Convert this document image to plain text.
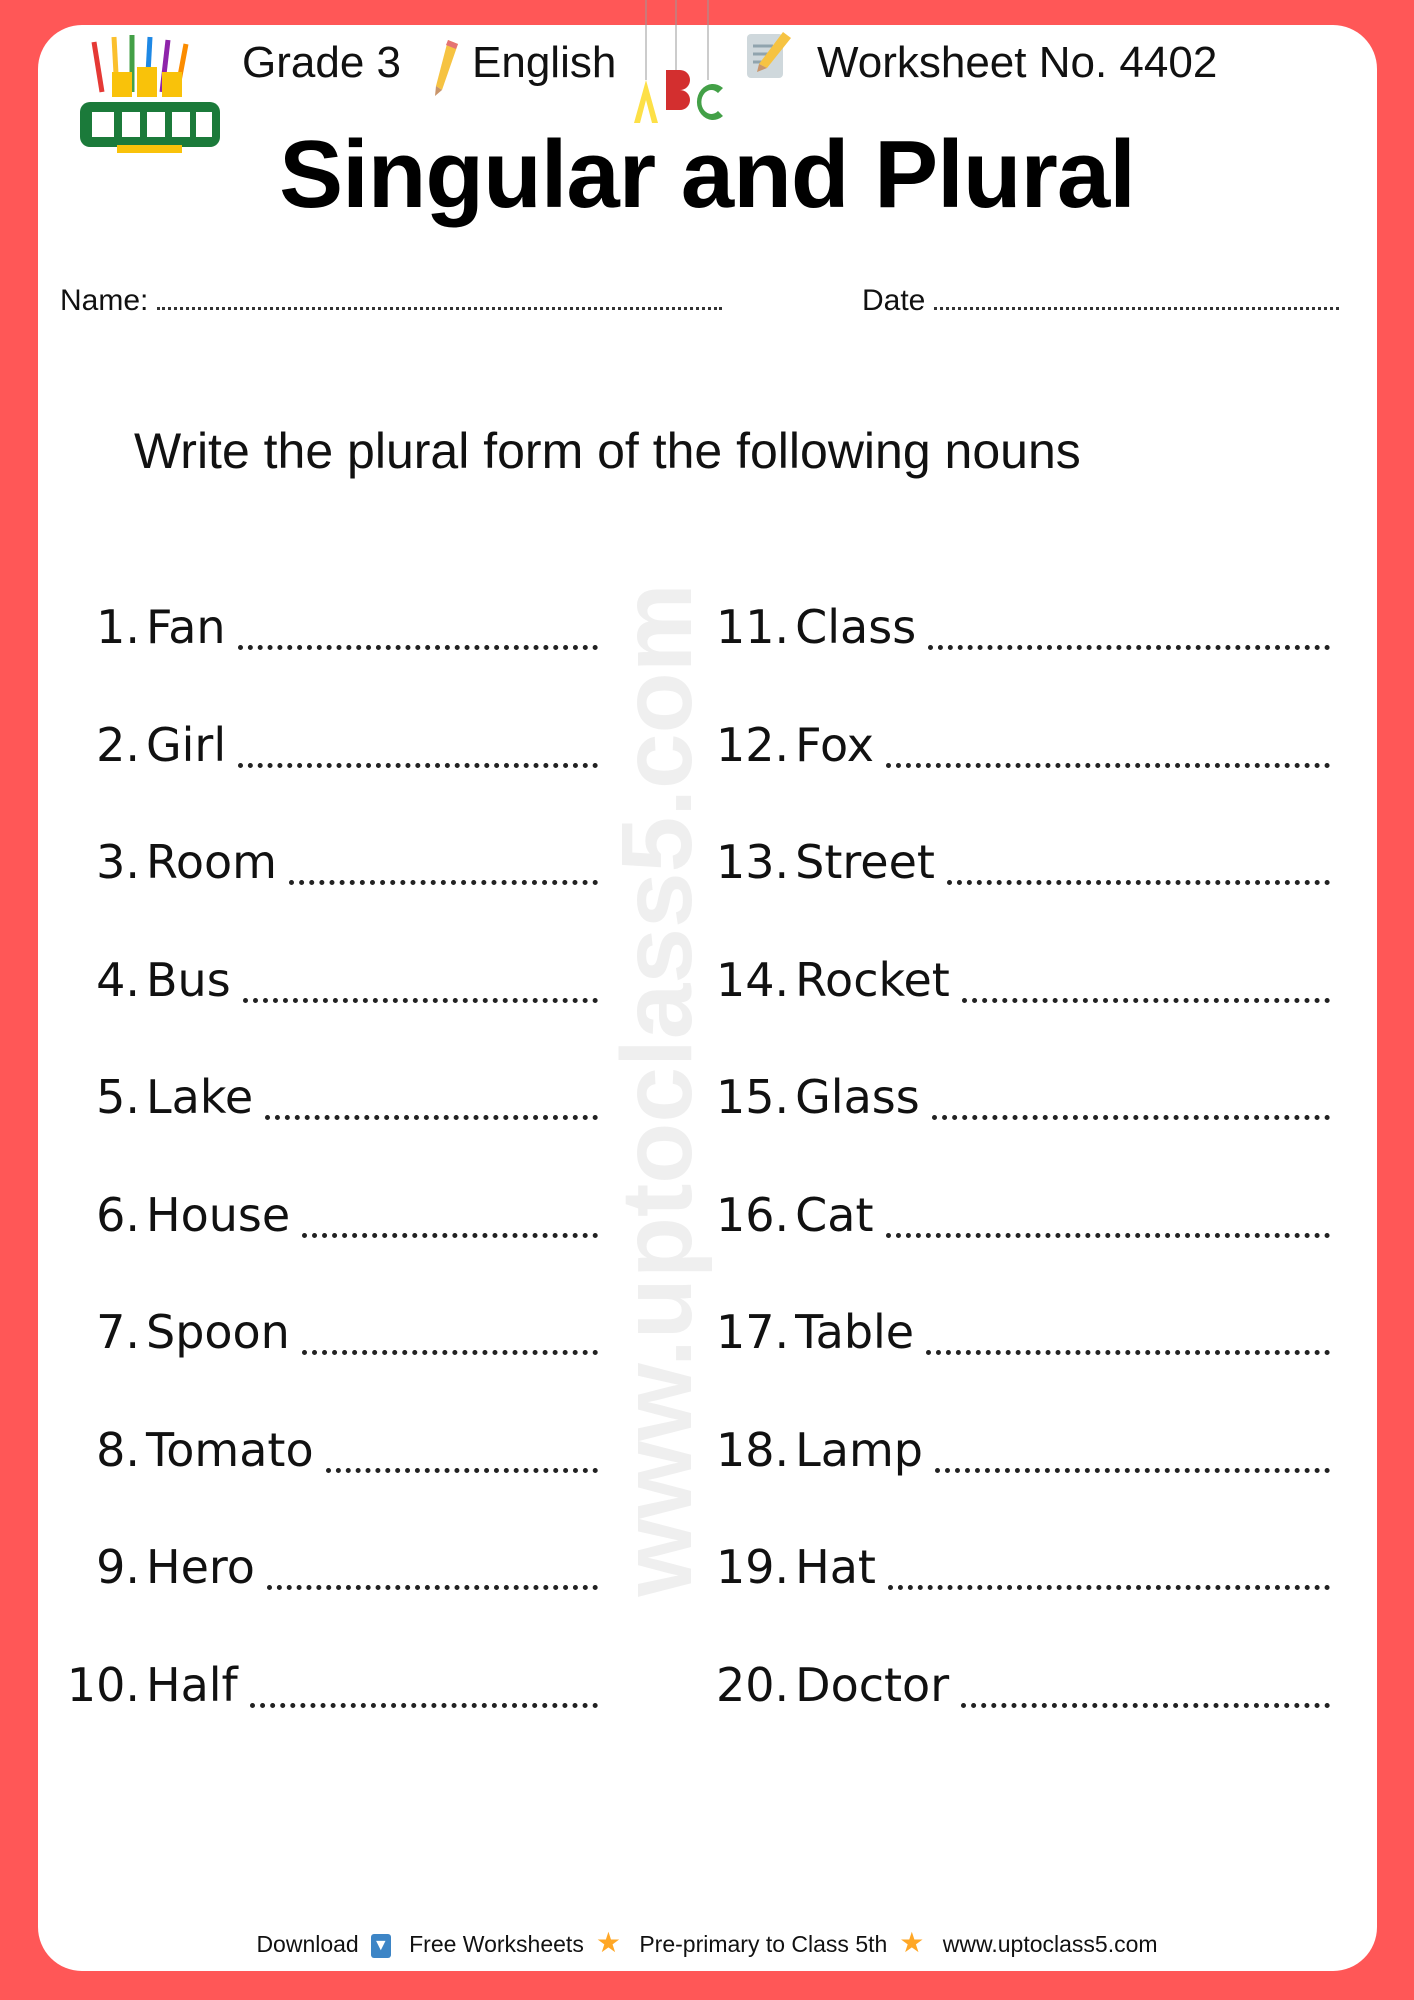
www.uptoclass5.com
Grade 3 English	Worksheet No. 4402
Singular and Plural
Name:	Date
Write the plural form of the following nouns
1. Fan
2. Girl
3. Room
4. Bus
5. Lake
6. House
7. Spoon
8. Tomato
9. Hero
10. Half
11. Class
12. Fox
13. Street
14. Rocket
15. Glass
16. Cat
17. Table
18. Lamp
19. Hat
20. Doctor
Download ▼ Free Worksheets ★ Pre-primary to Class 5th ★ www.uptoclass5.com
